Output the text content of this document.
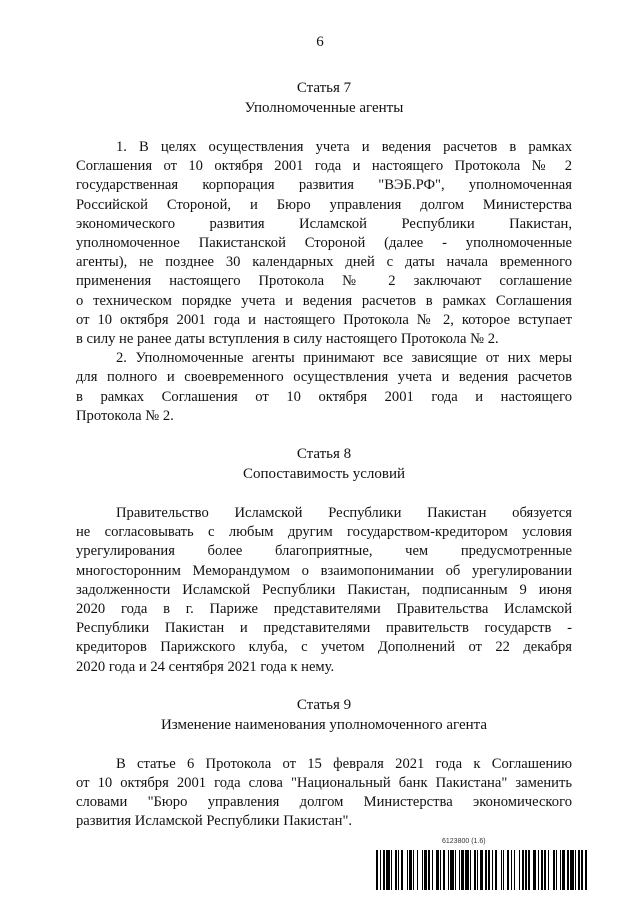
6
Статья 7
Уполномоченные агенты

1. В целях осуществления учета и ведения расчетов в рамках
Соглашения от 10 октября 2001 года и настоящего Протокола № 2
государственная корпорация развития "ВЭБ.РФ", уполномоченная
Российской Стороной, и Бюро управления долгом Министерства
экономического развития Исламской Республики Пакистан,
уполномоченное Пакистанской Стороной (далее - уполномоченные
агенты), не позднее 30 календарных дней с даты начала временного
применения настоящего Протокола № 2 заключают соглашение
о техническом порядке учета и ведения расчетов в рамках Соглашения
от 10 октября 2001 года и настоящего Протокола № 2, которое вступает
в силу не ранее даты вступления в силу настоящего Протокола № 2.

2. Уполномоченные агенты принимают все зависящие от них меры
для полного и своевременного осуществления учета и ведения расчетов
в рамках Соглашения от 10 октября 2001 года и настоящего
Протокола № 2.

Статья 8
Сопоставимость условий

Правительство Исламской Республики Пакистан обязуется
не согласовывать с любым другим государством-кредитором условия
урегулирования более благоприятные, чем предусмотренные
многосторонним Меморандумом о взаимопонимании об урегулировании
задолженности Исламской Республики Пакистан, подписанным 9 июня
2020 года в г. Париже представителями Правительства Исламской
Республики Пакистан и представителями правительств государств -
кредиторов Парижского клуба, с учетом Дополнений от 22 декабря
2020 года и 24 сентября 2021 года к нему.

Статья 9
Изменение наименования уполномоченного агента

В статье 6 Протокола от 15 февраля 2021 года к Соглашению
от 10 октября 2001 года слова "Национальный банк Пакистана" заменить
словами "Бюро управления долгом Министерства экономического
развития Исламской Республики Пакистан".

6123800 (1.6)
